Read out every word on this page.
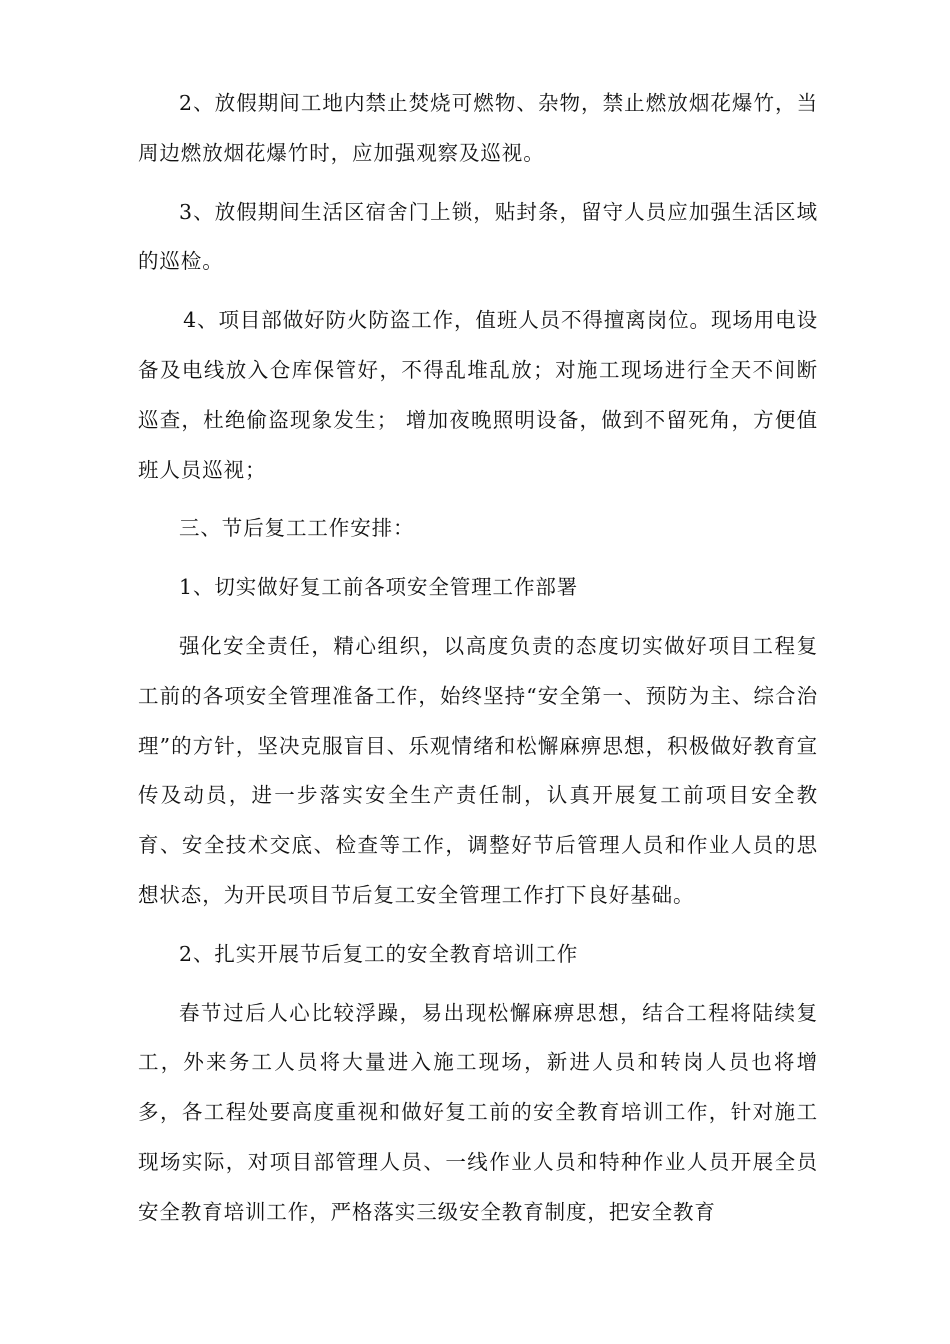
2、放假期间工地内禁止焚烧可燃物、杂物，禁止燃放烟花爆竹，当周边燃放烟花爆竹时，应加强观察及巡视。

3、放假期间生活区宿舍门上锁，贴封条，留守人员应加强生活区域的巡检。

4、项目部做好防火防盗工作，值班人员不得擅离岗位。现场用电设备及电线放入仓库保管好，不得乱堆乱放；对施工现场进行全天不间断巡查，杜绝偷盗现象发生； 增加夜晚照明设备，做到不留死角，方便值班人员巡视；

三、节后复工工作安排：

1、切实做好复工前各项安全管理工作部署

强化安全责任，精心组织，以高度负责的态度切实做好项目工程复工前的各项安全管理准备工作，始终坚持“安全第一、预防为主、综合治理”的方针，坚决克服盲目、乐观情绪和松懈麻痹思想，积极做好教育宣传及动员，进一步落实安全生产责任制，认真开展复工前项目安全教育、安全技术交底、检查等工作，调整好节后管理人员和作业人员的思想状态，为开民项目节后复工安全管理工作打下良好基础。

2、扎实开展节后复工的安全教育培训工作

春节过后人心比较浮躁，易出现松懈麻痹思想，结合工程将陆续复工，外来务工人员将大量进入施工现场，新进人员和转岗人员也将增多，各工程处要高度重视和做好复工前的安全教育培训工作，针对施工现场实际，对项目部管理人员、一线作业人员和特种作业人员开展全员安全教育培训工作，严格落实三级安全教育制度，把安全教育
